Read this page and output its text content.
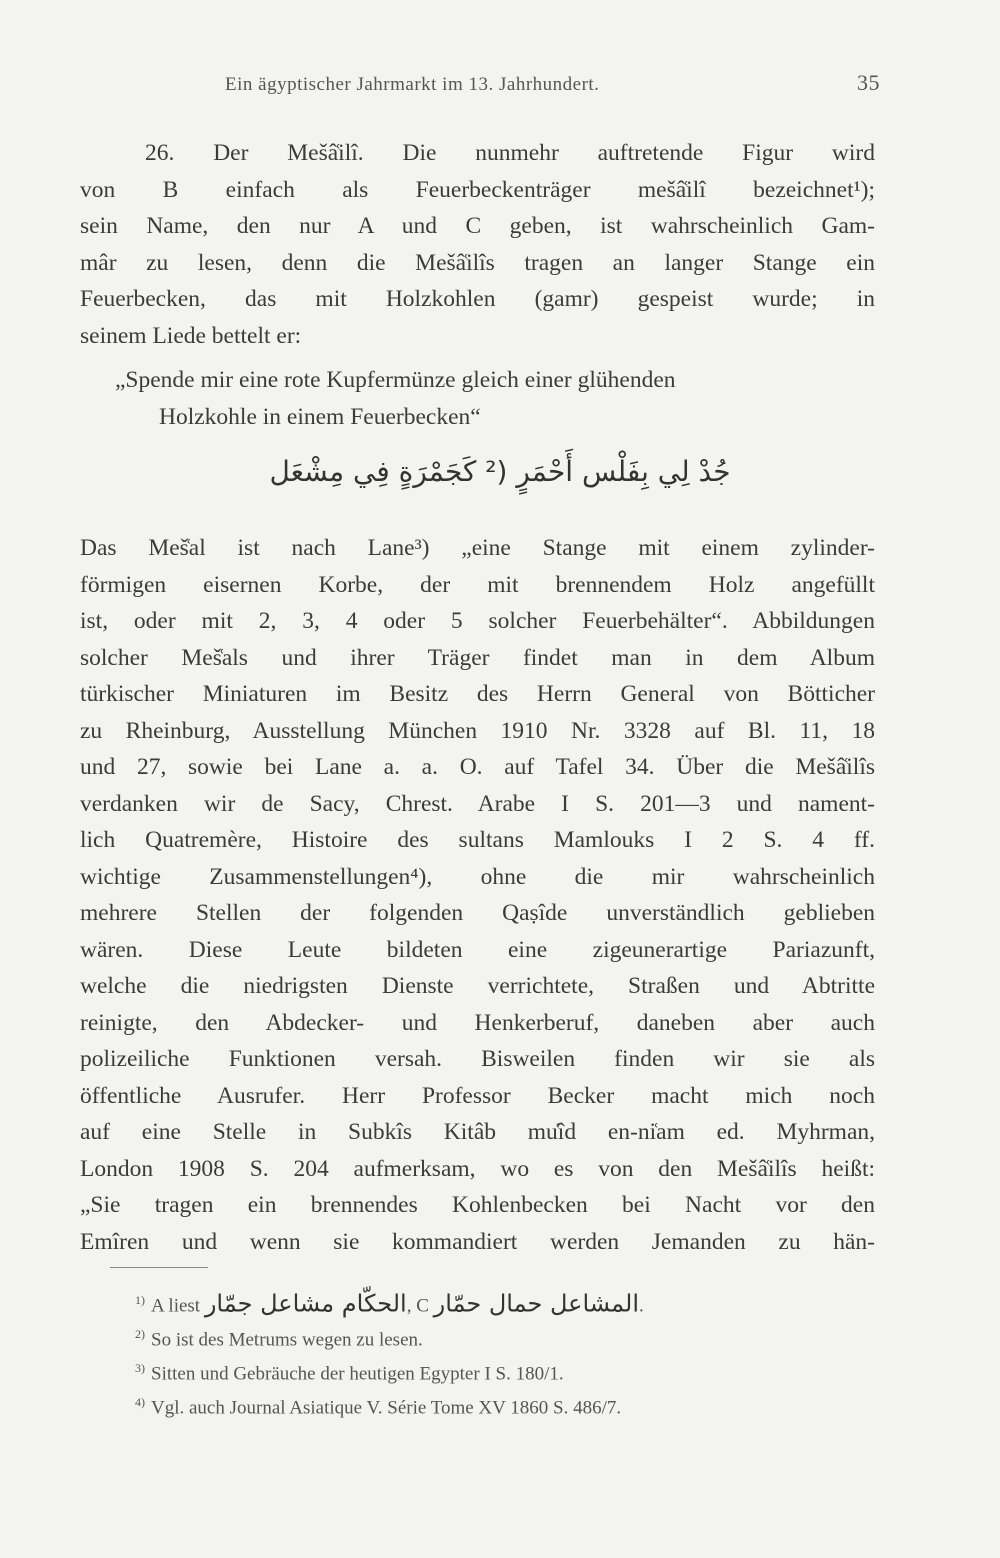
Ein ägyptischer Jahrmarkt im 13. Jahrhundert.	35
26. Der Mešâ͑ilî. Die nunmehr auftretende Figur wird
von B einfach als Feuerbeckenträger mešâ͑ilî bezeichnet¹);
sein Name, den nur A und C geben, ist wahrscheinlich Gam-
mâr zu lesen, denn die Mešâ͑ilîs tragen an langer Stange ein
Feuerbecken, das mit Holzkohlen (gamr) gespeist wurde; in
seinem Liede bettelt er:
„Spende mir eine rote Kupfermünze gleich einer glühenden
Holzkohle in einem Feuerbecken“
جُدْ لِي بِفَلْس أَحْمَرٍ (² كَجَمْرَةٍ فِي مِشْعَل
Das Meš͑al ist nach Lane³) „eine Stange mit einem zylinder-
förmigen eisernen Korbe, der mit brennendem Holz angefüllt
ist, oder mit 2, 3, 4 oder 5 solcher Feuerbehälter“. Abbildungen
solcher Meš͑als und ihrer Träger findet man in dem Album
türkischer Miniaturen im Besitz des Herrn General von Bötticher
zu Rheinburg, Ausstellung München 1910 Nr. 3328 auf Bl. 11, 18
und 27, sowie bei Lane a. a. O. auf Tafel 34. Über die Mešâ͑ilîs
verdanken wir de Sacy, Chrest. Arabe I S. 201—3 und nament-
lich Quatremère, Histoire des sultans Mamlouks I 2 S. 4 ff.
wichtige Zusammenstellungen⁴), ohne die mir wahrscheinlich
mehrere Stellen der folgenden Qaṣîde unverständlich geblieben
wären. Diese Leute bildeten eine zigeunerartige Pariazunft,
welche die niedrigsten Dienste verrichtete, Straßen und Abtritte
reinigte, den Abdecker- und Henkerberuf, daneben aber auch
polizeiliche Funktionen versah. Bisweilen finden wir sie als
öffentliche Ausrufer. Herr Professor Becker macht mich noch
auf eine Stelle in Subkîs Kitâb mu͑îd en-ni͑am ed. Myhrman,
London 1908 S. 204 aufmerksam, wo es von den Mešâ͑ilîs heißt:
„Sie tragen ein brennendes Kohlenbecken bei Nacht vor den
Emîren und wenn sie kommandiert werden Jemanden zu hän-
$^{1)}$ A liest الحكّام مشاعل جمّار, C المشاعل حمال حمّار.
$^{2)}$ So ist des Metrums wegen zu lesen.
$^{3)}$ Sitten und Gebräuche der heutigen Egypter I S. 180/1.
$^{4)}$ Vgl. auch Journal Asiatique V. Série Tome XV 1860 S. 486/7.
